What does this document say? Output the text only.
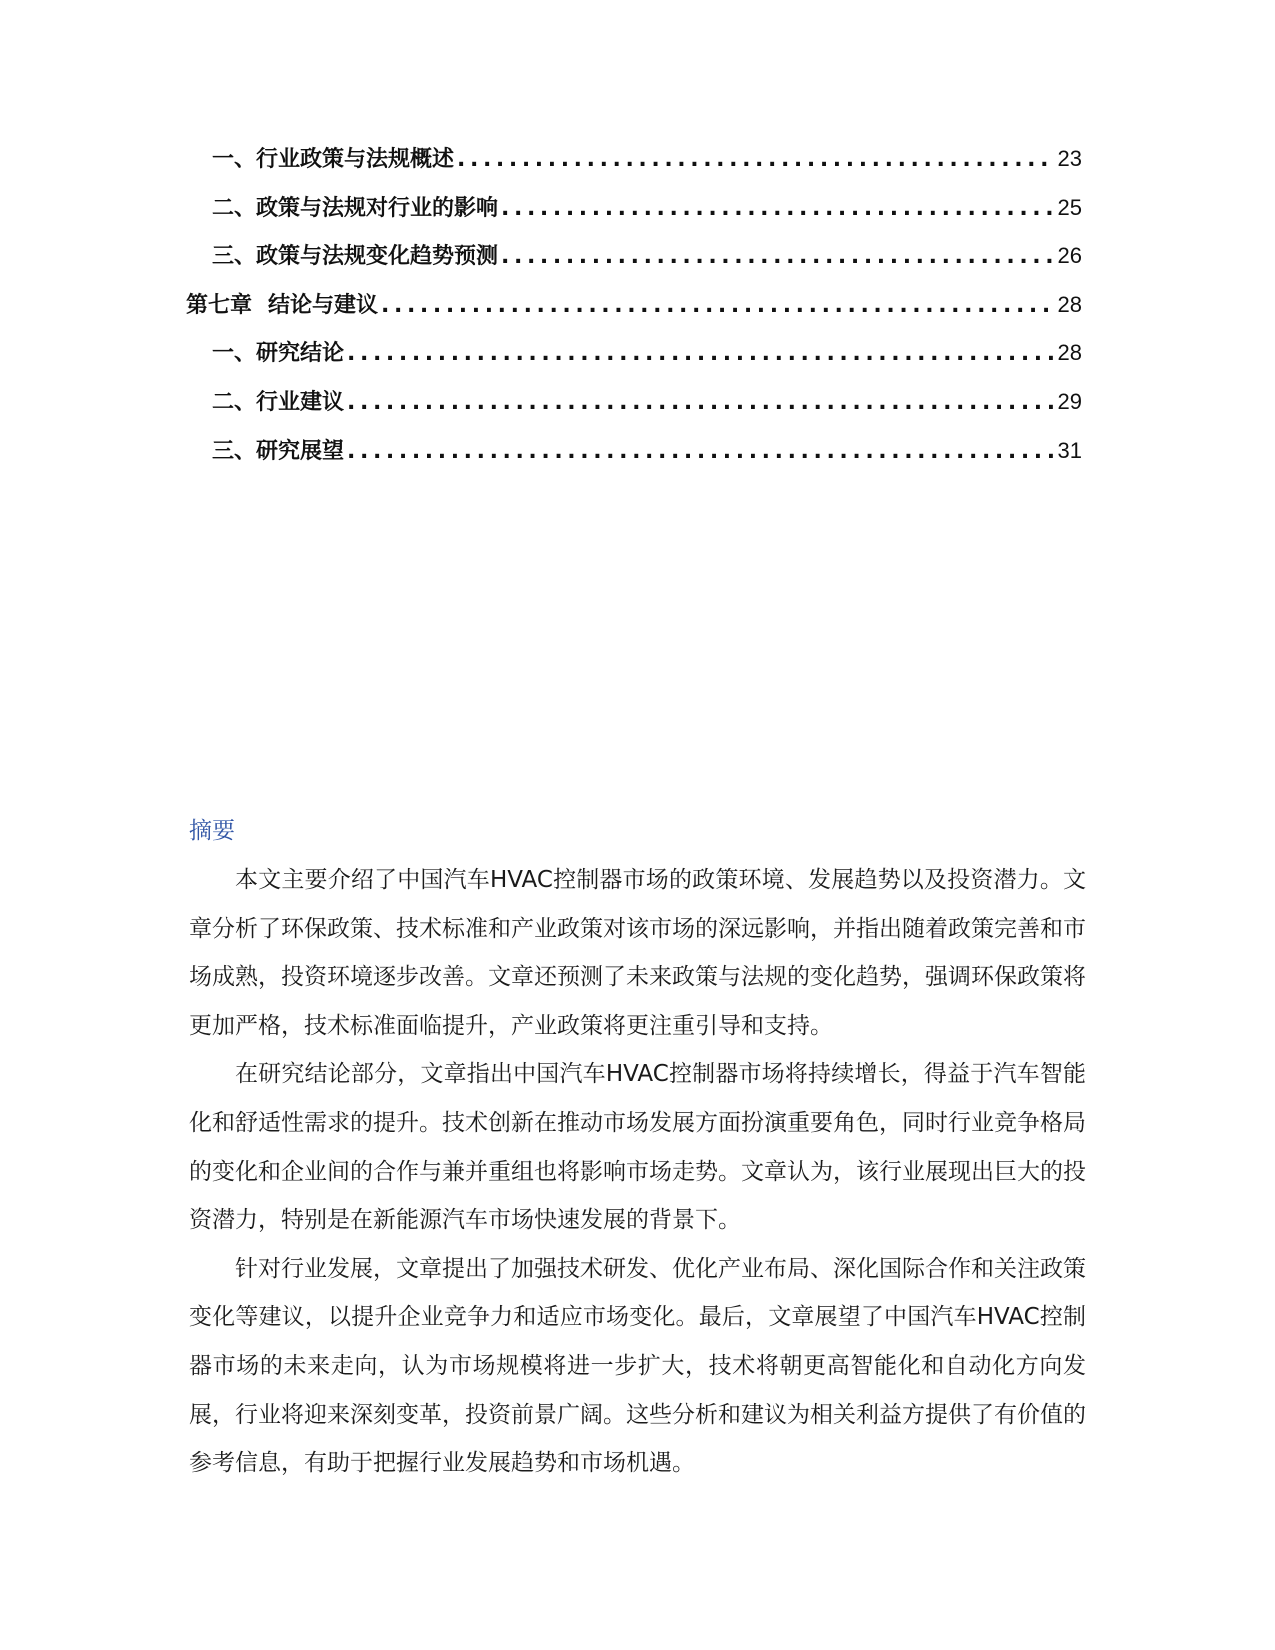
一、 行业政策与法规概述 .....	23
二、 政策与法规对行业的影响 .....	25
三、 政策与法规变化趋势预测 .....	26
第七章 结论与建议 .....	28
一、 研究结论 .....	28
二、 行业建议 .....	29
三、 研究展望 .....	31
摘要

本文主要介绍了中国汽车HVAC控制器市场的政策环境、发展趋势以及投资潜力。文章分析了环保政策、技术标准和产业政策对该市场的深远影响，并指出随着政策完善和市场成熟，投资环境逐步改善。文章还预测了未来政策与法规的变化趋势，强调环保政策将更加严格，技术标准面临提升，产业政策将更注重引导和支持。

在研究结论部分，文章指出中国汽车HVAC控制器市场将持续增长，得益于汽车智能化和舒适性需求的提升。技术创新在推动市场发展方面扮演重要角色，同时行业竞争格局的变化和企业间的合作与兼并重组也将影响市场走势。文章认为，该行业展现出巨大的投资潜力，特别是在新能源汽车市场快速发展的背景下。

针对行业发展，文章提出了加强技术研发、优化产业布局、深化国际合作和关注政策变化等建议，以提升企业竞争力和适应市场变化。最后，文章展望了中国汽车HVAC控制器市场的未来走向，认为市场规模将进一步扩大，技术将朝更高智能化和自动化方向发展，行业将迎来深刻变革，投资前景广阔。这些分析和建议为相关利益方提供了有价值的参考信息，有助于把握行业发展趋势和市场机遇。
